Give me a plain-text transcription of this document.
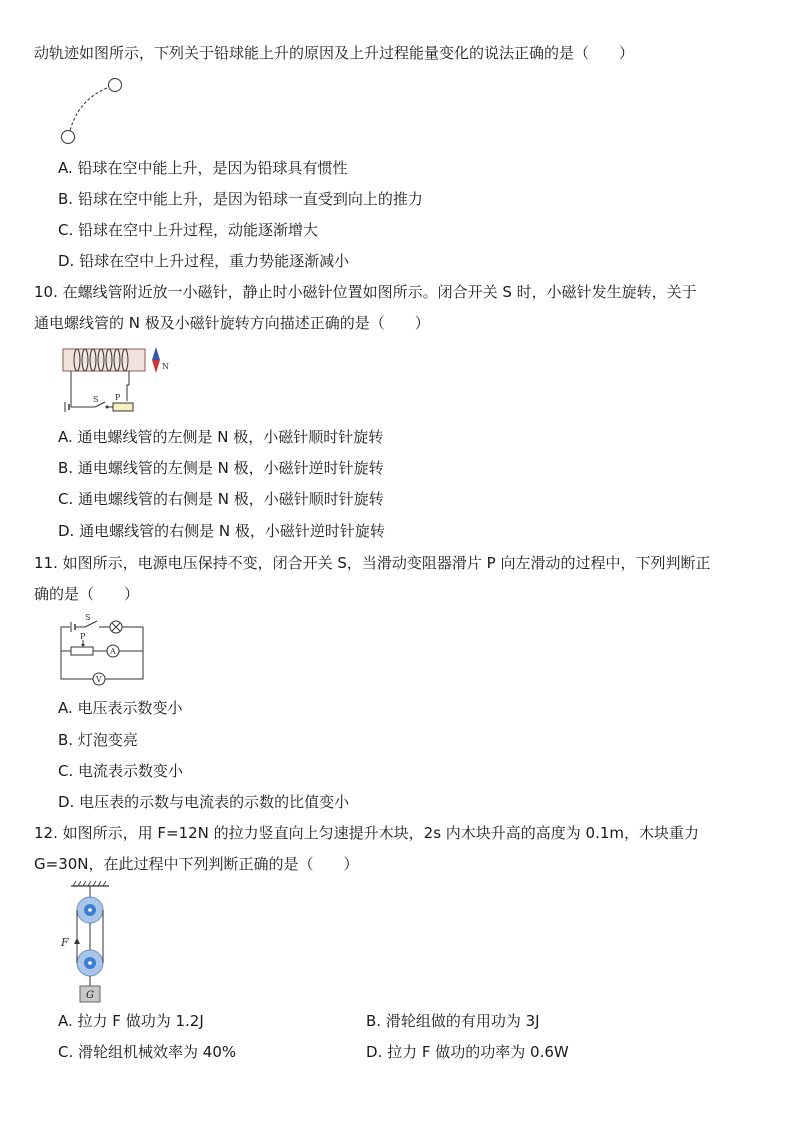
动轨迹如图所示，下列关于铅球能上升的原因及上升过程能量变化的说法正确的是（　　）
A. 铅球在空中能上升，是因为铅球具有惯性
B. 铅球在空中能上升，是因为铅球一直受到向上的推力
C. 铅球在空中上升过程，动能逐渐增大
D. 铅球在空中上升过程，重力势能逐渐减小
10. 在螺线管附近放一小磁针，静止时小磁针位置如图所示。闭合开关 S 时，小磁针发生旋转，关于
通电螺线管的 N 极及小磁针旋转方向描述正确的是（　　）
N
S P
A. 通电螺线管的左侧是 N 极，小磁针顺时针旋转
B. 通电螺线管的左侧是 N 极，小磁针逆时针旋转
C. 通电螺线管的右侧是 N 极，小磁针顺时针旋转
D. 通电螺线管的右侧是 N 极，小磁针逆时针旋转
11. 如图所示，电源电压保持不变，闭合开关 S，当滑动变阻器滑片 P 向左滑动的过程中，下列判断正
确的是（　　）
S
P
A
V
A. 电压表示数变小
B. 灯泡变亮
C. 电流表示数变小
D. 电压表的示数与电流表的示数的比值变小
12. 如图所示，用 F=12N 的拉力竖直向上匀速提升木块，2s 内木块升高的高度为 0.1m，木块重力
G=30N，在此过程中下列判断正确的是（　　）
F
G
A. 拉力 F 做功为 1.2J	B. 滑轮组做的有用功为 3J
C. 滑轮组机械效率为 40%	D. 拉力 F 做功的功率为 0.6W
